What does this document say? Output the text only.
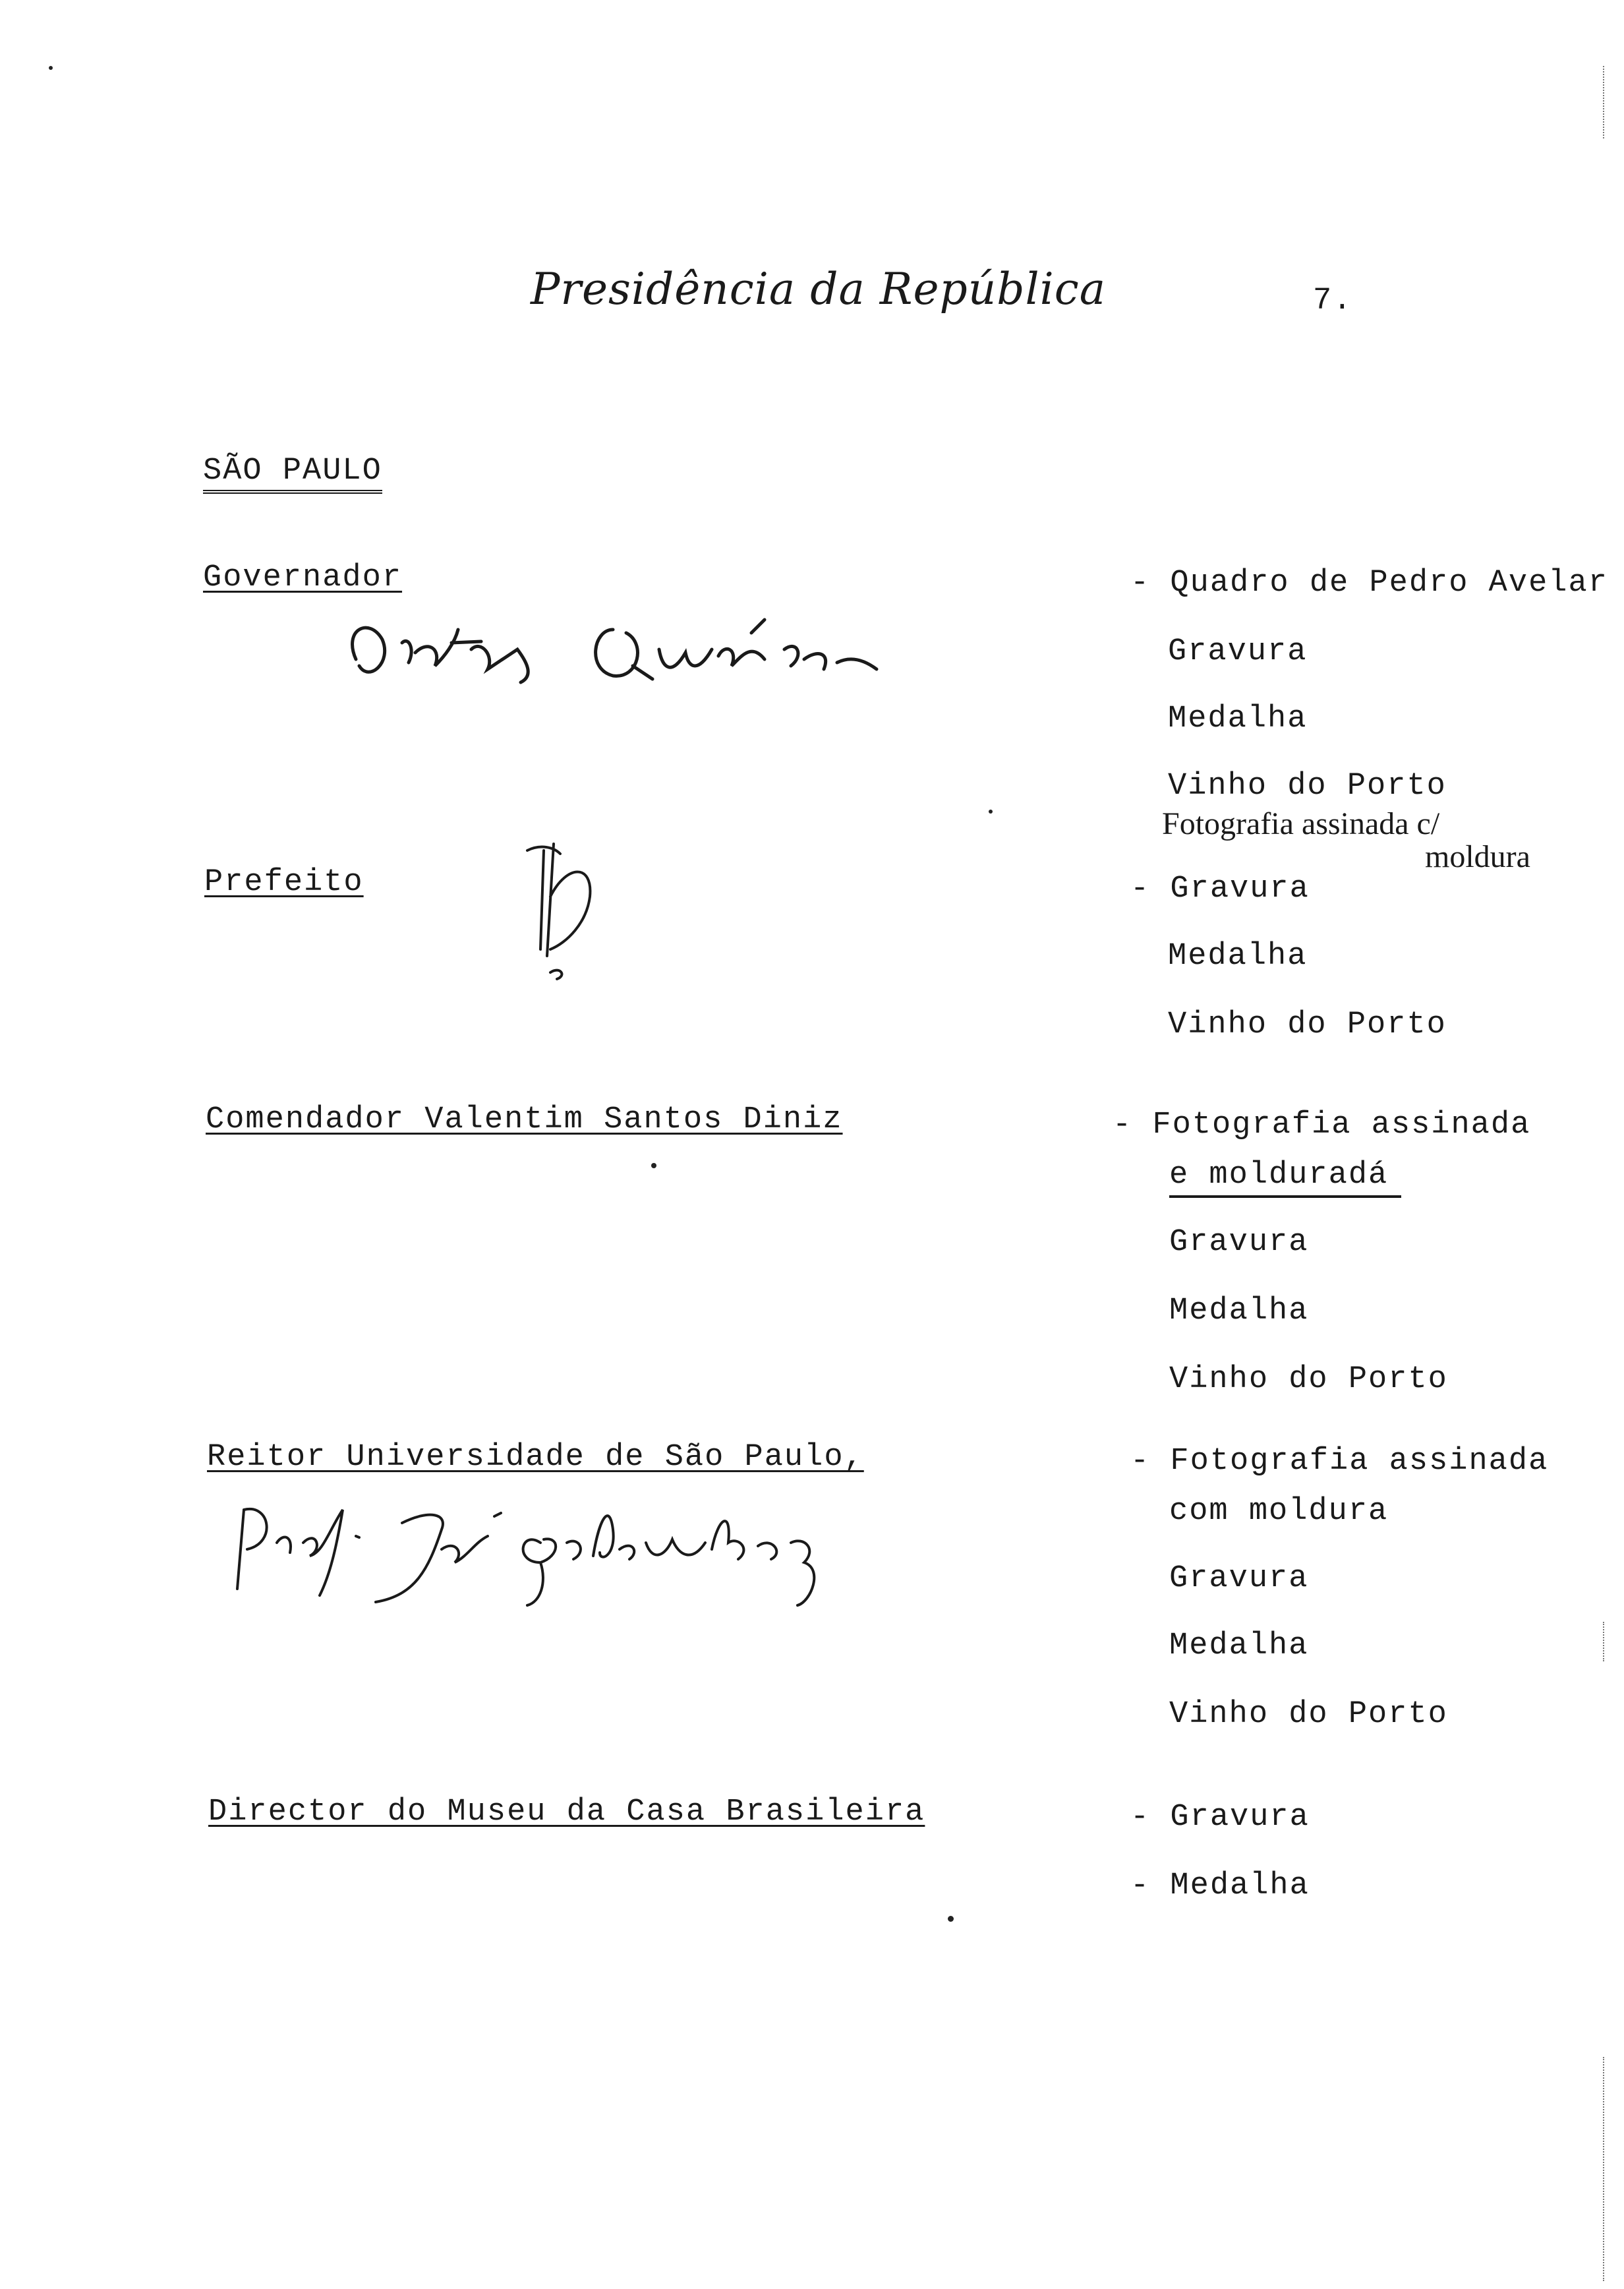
Presidência da República	7.
SÃO PAULO
Governador	- Quadro de Pedro Avelar
Gravura
Medalha
Vinho do Porto
Fotografia assinada c/
moldura
Prefeito	- Gravura
Medalha
Vinho do Porto
Comendador Valentim Santos Diniz	- Fotografia assinada
e molduradá
Gravura
Medalha
Vinho do Porto
Reitor Universidade de São Paulo,	- Fotografia assinada
com moldura
Gravura
Medalha
Vinho do Porto
Director do Museu da Casa Brasileira	- Gravura
- Medalha
